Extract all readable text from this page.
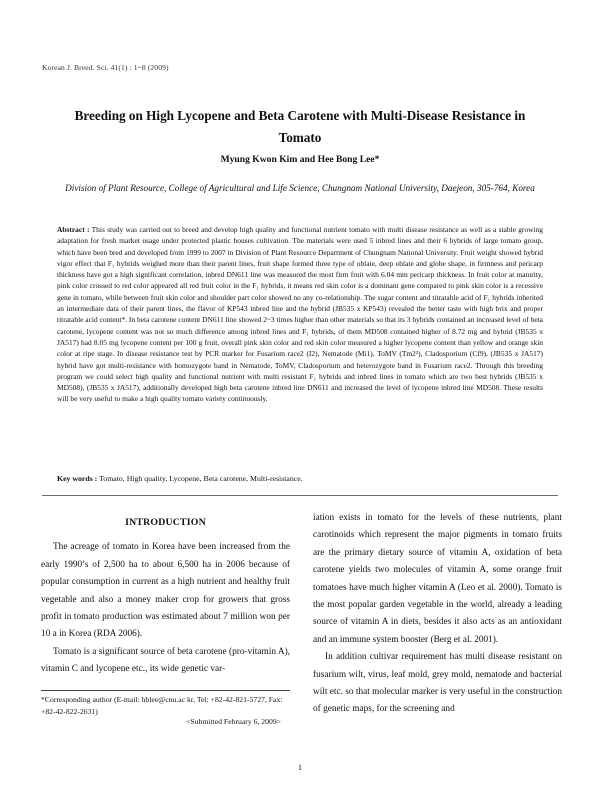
Korean J. Breed. Sci. 41(1) : 1~8 (2009)
Breeding on High Lycopene and Beta Carotene with Multi-Disease Resistance in Tomato
Myung Kwon Kim and Hee Bong Lee*
Division of Plant Resource, College of Agricultural and Life Science, Chungnam National University, Daejeon, 305-764, Korea

Abstract : This study was carried out to breed and develop high quality and functional nutrient tomato with multi disease resistance as well as a stable growing adaptation for fresh market usage under protected plastic houses cultivation. The materials were used 5 inbred lines and their 6 hybrids of large tomato group, which have been bred and developed from 1999 to 2007 in Division of Plant Resource Department of Chungnam National University. Fruit weight showed hybrid vigor effect that F₁ hybrids weighed more than their parent lines, fruit shape formed three type of oblate, deep oblate and globe shape, in firmness and pericarp thickness have got a high significant correlation, inbred DN611 line was measured the most firm fruit with 6.04 mm pericarp thickness. In fruit color at maturity, pink color crossed to red color appeared all red fruit color in the F₁ hybrids, it means red skin color is a dominant gene compared to pink skin color is a recessive gene in tomato, while between fruit skin color and shoulder part color showed no any co-relationship. The sugar content and titratable acid of F₁ hybrids inherited an intermediate data of their parent lines, the flavor of KP543 inbred line and the hybrid (JB535 x KP543) revealed the better taste with high brix and proper titratable acid content*. In beta carotene content DN611 line showed 2~3 times higher than other materials so that its 3 hybrids contained an increased level of beta carotene, lycopene content was not so much difference among inbred lines and F₁ hybrids, of them MD508 contained higher of 8.72 mg and hybrid (JB535 x JA517) had 8.05 mg lycopene content per 100 g fruit, overall pink skin color and red skin color measured a higher lycopene content than yellow and orange skin color at ripe stage. In disease resistance test by PCR marker for Fusarium race2 (I2), Nematode (Mi1), ToMV (Tm2²), Cladosporium (Cf9), (JB535 x JA517) hybrid have got multi-resistance with homozygote band in Nematode, ToMV, Cladosporium and heterozygote band in Fusarium race2. Through this breeding program we could select high quality and functional nutrient with multi resistant F₁ hybrids and inbred lines in tomato which are two best hybrids (JB535 x MD508), (JB535 x JA517), additionally developed high beta carotene inbred line DN611 and increased the level of lycopene inbred line MD508. These results will be very useful to make a high quality tomato variety continuously.

Key words : Tomato, High quality, Lycopene, Beta carotene, Multi-resistance.

INTRODUCTION

The acreage of tomato in Korea have been increased from the early 1990’s of 2,500 ha to about 6,500 ha in 2006 because of popular consumption in current as a high nutrient and healthy fruit vegetable and also a money maker crop for growers that gross profit in tomato production was estimated about 7 million won per 10 a in Korea (RDA 2006).

Tomato is a significant source of beta carotene (pro-vitamin A), vitamin C and lycopene etc., its wide genetic var-

*Corresponding author (E-mail: hblee@cnu.ac kr, Tel: +82-42-821-5727, Fax: +82-42-822-2631)

<Submitted February 6, 2009>

iation exists in tomato for the levels of these nutrients, plant carotinoids which represent the major pigments in tomato fruits are the primary dietary source of vitamin A, oxidation of beta carotene yields two molecules of vitamin A, some orange fruit tomatoes have much higher vitamin A (Leo et al. 2000). Tomato is the most popular garden vegetable in the world, already a leading source of vitamin A in diets, besides it also acts as an antioxidant and an immune system booster (Berg et al. 2001).

In addition cultivar requirement has multi disease resistant on fusarium wilt, virus, leaf mold, grey mold, nematode and bacterial wilt etc. so that molecular marker is very useful in the construction of genetic maps, for the screening and

1
